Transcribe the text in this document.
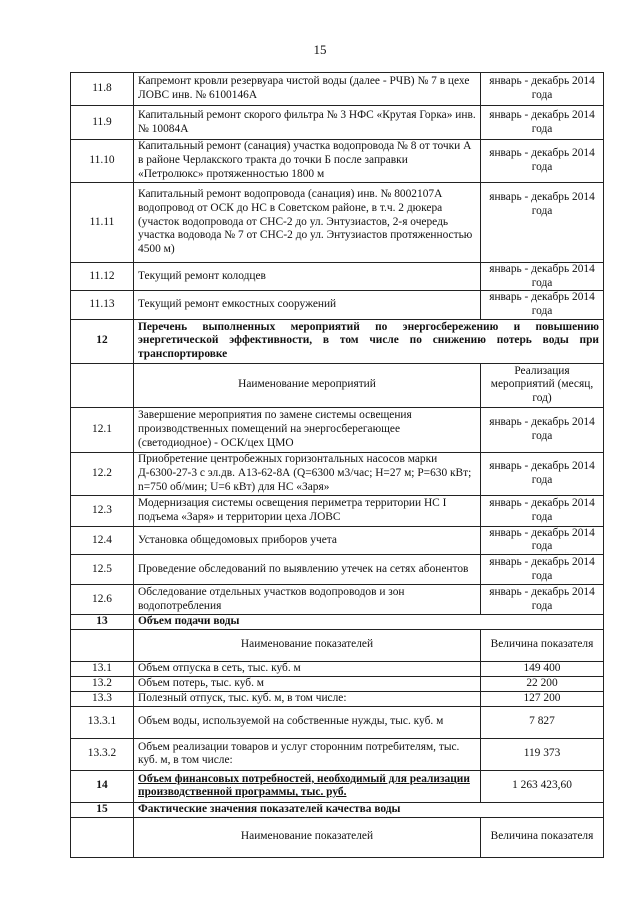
15
11.8	Капремонт кровли резервуара чистой воды (далее - РЧВ) № 7 в цехе ЛОВС инв. № 6100146А	январь - декабрь 2014 года
11.9	Капитальный ремонт скорого фильтра № 3 НФС «Крутая Горка» инв. № 10084А	январь - декабрь 2014 года
11.10	Капитальный ремонт (санация) участка водопровода № 8 от точки А в районе Черлакского тракта до точки Б после заправки «Петролюкс» протяженностью 1800 м	январь - декабрь 2014 года
11.11	Капитальный ремонт водопровода (санация) инв. № 8002107А водопровод от ОСК до НС в Советском районе, в т.ч. 2 дюкера (участок водопровода от СНС-2 до ул. Энтузиастов, 2-я очередь участка водовода № 7 от СНС-2 до ул. Энтузиастов протяженностью 4500 м)	январь - декабрь 2014 года
11.12	Текущий ремонт колодцев	январь - декабрь 2014 года
11.13	Текущий ремонт емкостных сооружений	январь - декабрь 2014 года
12	Перечень выполненных мероприятий по энергосбережению и повышению энергетической эффективности, в том числе по снижению потерь воды при транспортировке	
	Наименование мероприятий	Реализация мероприятий (месяц, год)
12.1	Завершение мероприятия по замене системы освещения производственных помещений на энергосберегающее (светодиодное) - ОСК/цех ЦМО	январь - декабрь 2014 года
12.2	Приобретение центробежных горизонтальных насосов марки Д-6300-27-3 с эл.дв. А13-62-8А (Q=6300 м3/час; Н=27 м; Р=630 кВт; n=750 об/мин; U=6 кВт) для НС «Заря»	январь - декабрь 2014 года
12.3	Модернизация системы освещения периметра территории НС I подъема «Заря» и территории цеха ЛОВС	январь - декабрь 2014 года
12.4	Установка общедомовых приборов учета	январь - декабрь 2014 года
12.5	Проведение обследований по выявлению утечек на сетях абонентов	январь - декабрь 2014 года
12.6	Обследование отдельных участков водопроводов и зон водопотребления	январь - декабрь 2014 года
13	Объем подачи воды	
	Наименование показателей	Величина показателя
13.1	Объем отпуска в сеть, тыс. куб. м	149 400
13.2	Объем потерь, тыс. куб. м	22 200
13.3	Полезный отпуск, тыс. куб. м, в том числе:	127 200
13.3.1	Объем воды, используемой на собственные нужды, тыс. куб. м	7 827
13.3.2	Объем реализации товаров и услуг сторонним потребителям, тыс. куб. м, в том числе:	119 373
14	Объем финансовых потребностей, необходимый для реализации производственной программы, тыс. руб.	1 263 423,60
15	Фактические значения показателей качества воды	
	Наименование показателей	Величина показателя
